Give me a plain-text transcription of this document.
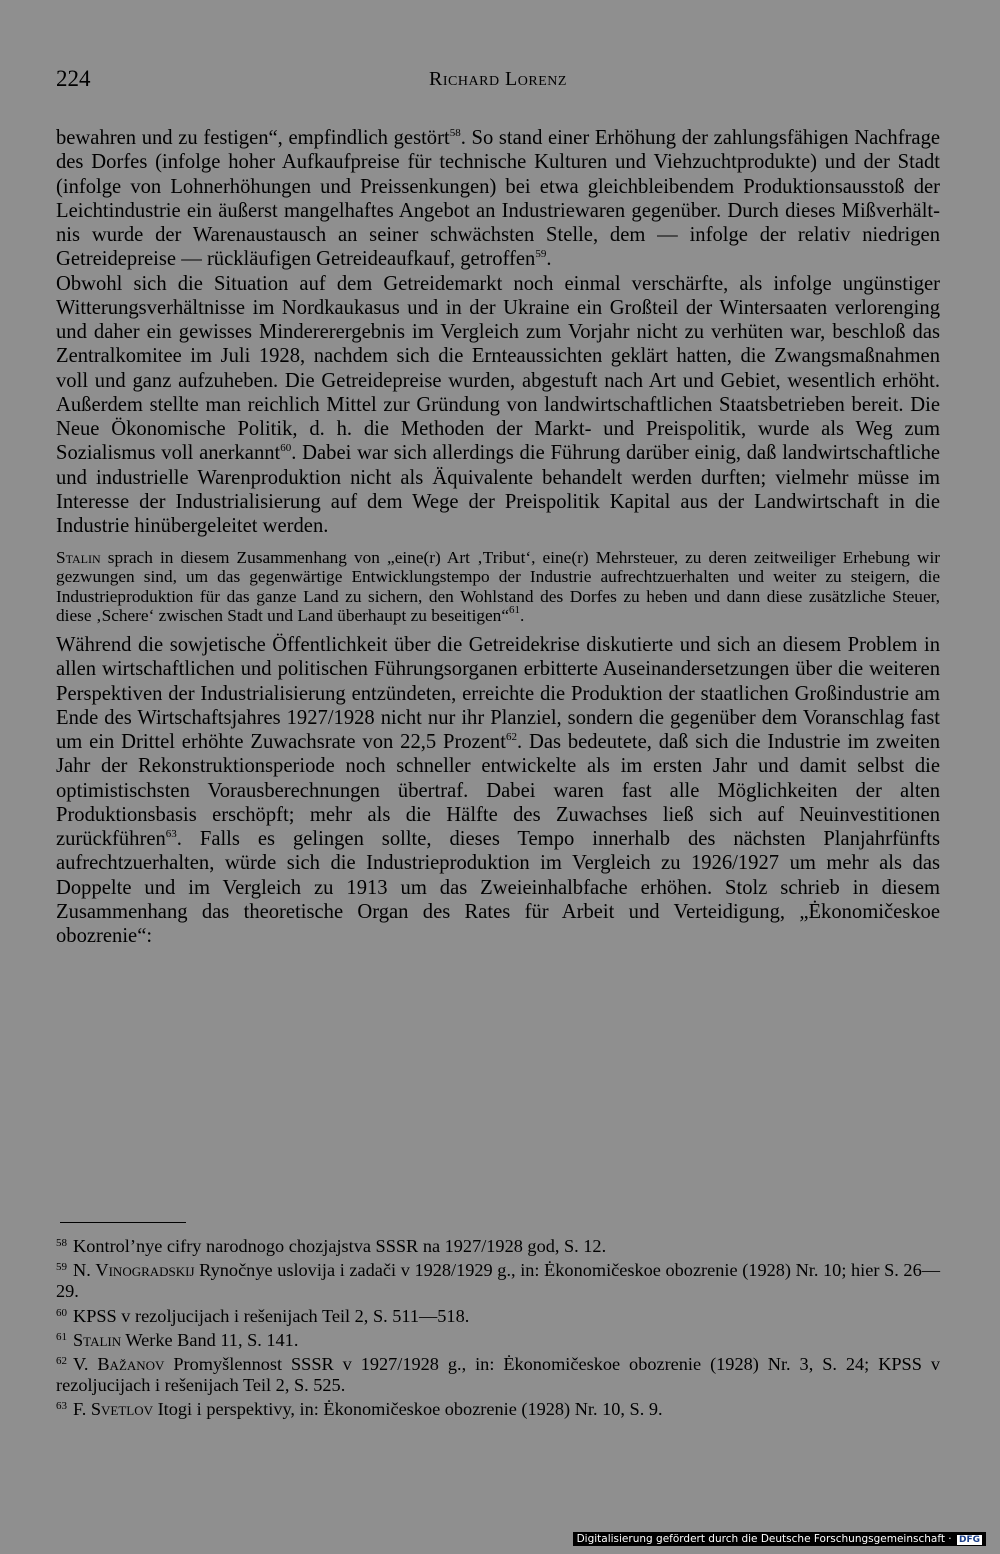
224	Richard Lorenz

bewahren und zu festigen“, empfindlich gestört$^{58}$. So stand einer Erhöhung der zahlungsfähigen Nachfrage des Dorfes (infolge hoher Aufkaufpreise für technische Kulturen und Viehzuchtprodukte) und der Stadt (infolge von Lohnerhöhungen und Preissenkungen) bei etwa gleichbleibendem Produktionsausstoß der Leichtindustrie ein äußerst mangelhaftes Angebot an Industriewaren gegenüber. Durch dieses Mißverhältnis wurde der Warenaustausch an seiner schwächsten Stelle, dem — infolge der relativ niedrigen Getreidepreise — rückläufigen Getreideaufkauf, getroffen$^{59}$.

Obwohl sich die Situation auf dem Getreidemarkt noch einmal verschärfte, als infolge ungünstiger Witterungsverhältnisse im Nordkaukasus und in der Ukraine ein Großteil der Wintersaaten verlorenging und daher ein gewisses Mindererergebnis im Vergleich zum Vorjahr nicht zu verhüten war, beschloß das Zentralkomitee im Juli 1928, nachdem sich die Ernteaussichten geklärt hatten, die Zwangsmaßnahmen voll und ganz aufzuheben. Die Getreidepreise wurden, abgestuft nach Art und Gebiet, wesentlich erhöht. Außerdem stellte man reichlich Mittel zur Gründung von landwirtschaftlichen Staatsbetrieben bereit. Die Neue Ökonomische Politik, d. h. die Methoden der Markt- und Preispolitik, wurde als Weg zum Sozialismus voll anerkannt$^{60}$. Dabei war sich allerdings die Führung darüber einig, daß landwirtschaftliche und industrielle Warenproduktion nicht als Äquivalente behandelt werden durften; vielmehr müsse im Interesse der Industrialisierung auf dem Wege der Preispolitik Kapital aus der Landwirtschaft in die Industrie hinübergeleitet werden.

Stalin sprach in diesem Zusammenhang von „eine(r) Art ‚Tribut‘, eine(r) Mehrsteuer, zu deren zeitweiliger Erhebung wir gezwungen sind, um das gegenwärtige Entwicklungstempo der Industrie aufrechtzuerhalten und weiter zu steigern, die Industrieproduktion für das ganze Land zu sichern, den Wohlstand des Dorfes zu heben und dann diese zusätzliche Steuer, diese ‚Schere‘ zwischen Stadt und Land überhaupt zu beseitigen“$^{61}$.

Während die sowjetische Öffentlichkeit über die Getreidekrise diskutierte und sich an diesem Problem in allen wirtschaftlichen und politischen Führungsorganen erbitterte Auseinandersetzungen über die weiteren Perspektiven der Industrialisierung entzündeten, erreichte die Produktion der staatlichen Großindustrie am Ende des Wirtschaftsjahres 1927/1928 nicht nur ihr Planziel, sondern die gegenüber dem Voranschlag fast um ein Drittel erhöhte Zuwachsrate von 22,5 Prozent$^{62}$. Das bedeutete, daß sich die Industrie im zweiten Jahr der Rekonstruktionsperiode noch schneller entwickelte als im ersten Jahr und damit selbst die optimistischsten Vorausberechnungen übertraf. Dabei waren fast alle Möglichkeiten der alten Produktionsbasis erschöpft; mehr als die Hälfte des Zuwachses ließ sich auf Neuinvestitionen zurückführen$^{63}$. Falls es gelingen sollte, dieses Tempo innerhalb des nächsten Planjahrfünfts aufrechtzuerhalten, würde sich die Industrieproduktion im Vergleich zu 1926/1927 um mehr als das Doppelte und im Vergleich zu 1913 um das Zweieinhalbfache erhöhen. Stolz schrieb in diesem Zusammenhang das theoretische Organ des Rates für Arbeit und Verteidigung, „Ėkonomičeskoe obozrenie“:

$^{58}$ Kontrol’nye cifry narodnogo chozjajstva SSSR na 1927/1928 god, S. 12.

$^{59}$ N. Vinogradskij Rynočnye uslovija i zadači v 1928/1929 g., in: Ėkonomičeskoe obozrenie (1928) Nr. 10; hier S. 26—29.

$^{60}$ KPSS v rezoljucijach i rešenijach Teil 2, S. 511—518.

$^{61}$ Stalin Werke Band 11, S. 141.

$^{62}$ V. Bažanov Promyšlennost SSSR v 1927/1928 g., in: Ėkonomičeskoe obozrenie (1928) Nr. 3, S. 24; KPSS v rezoljucijach i rešenijach Teil 2, S. 525.

$^{63}$ F. Svetlov Itogi i perspektivy, in: Ėkonomičeskoe obozrenie (1928) Nr. 10, S. 9.

Digitalisierung gefördert durch die Deutsche Forschungsgemeinschaft · DFG
